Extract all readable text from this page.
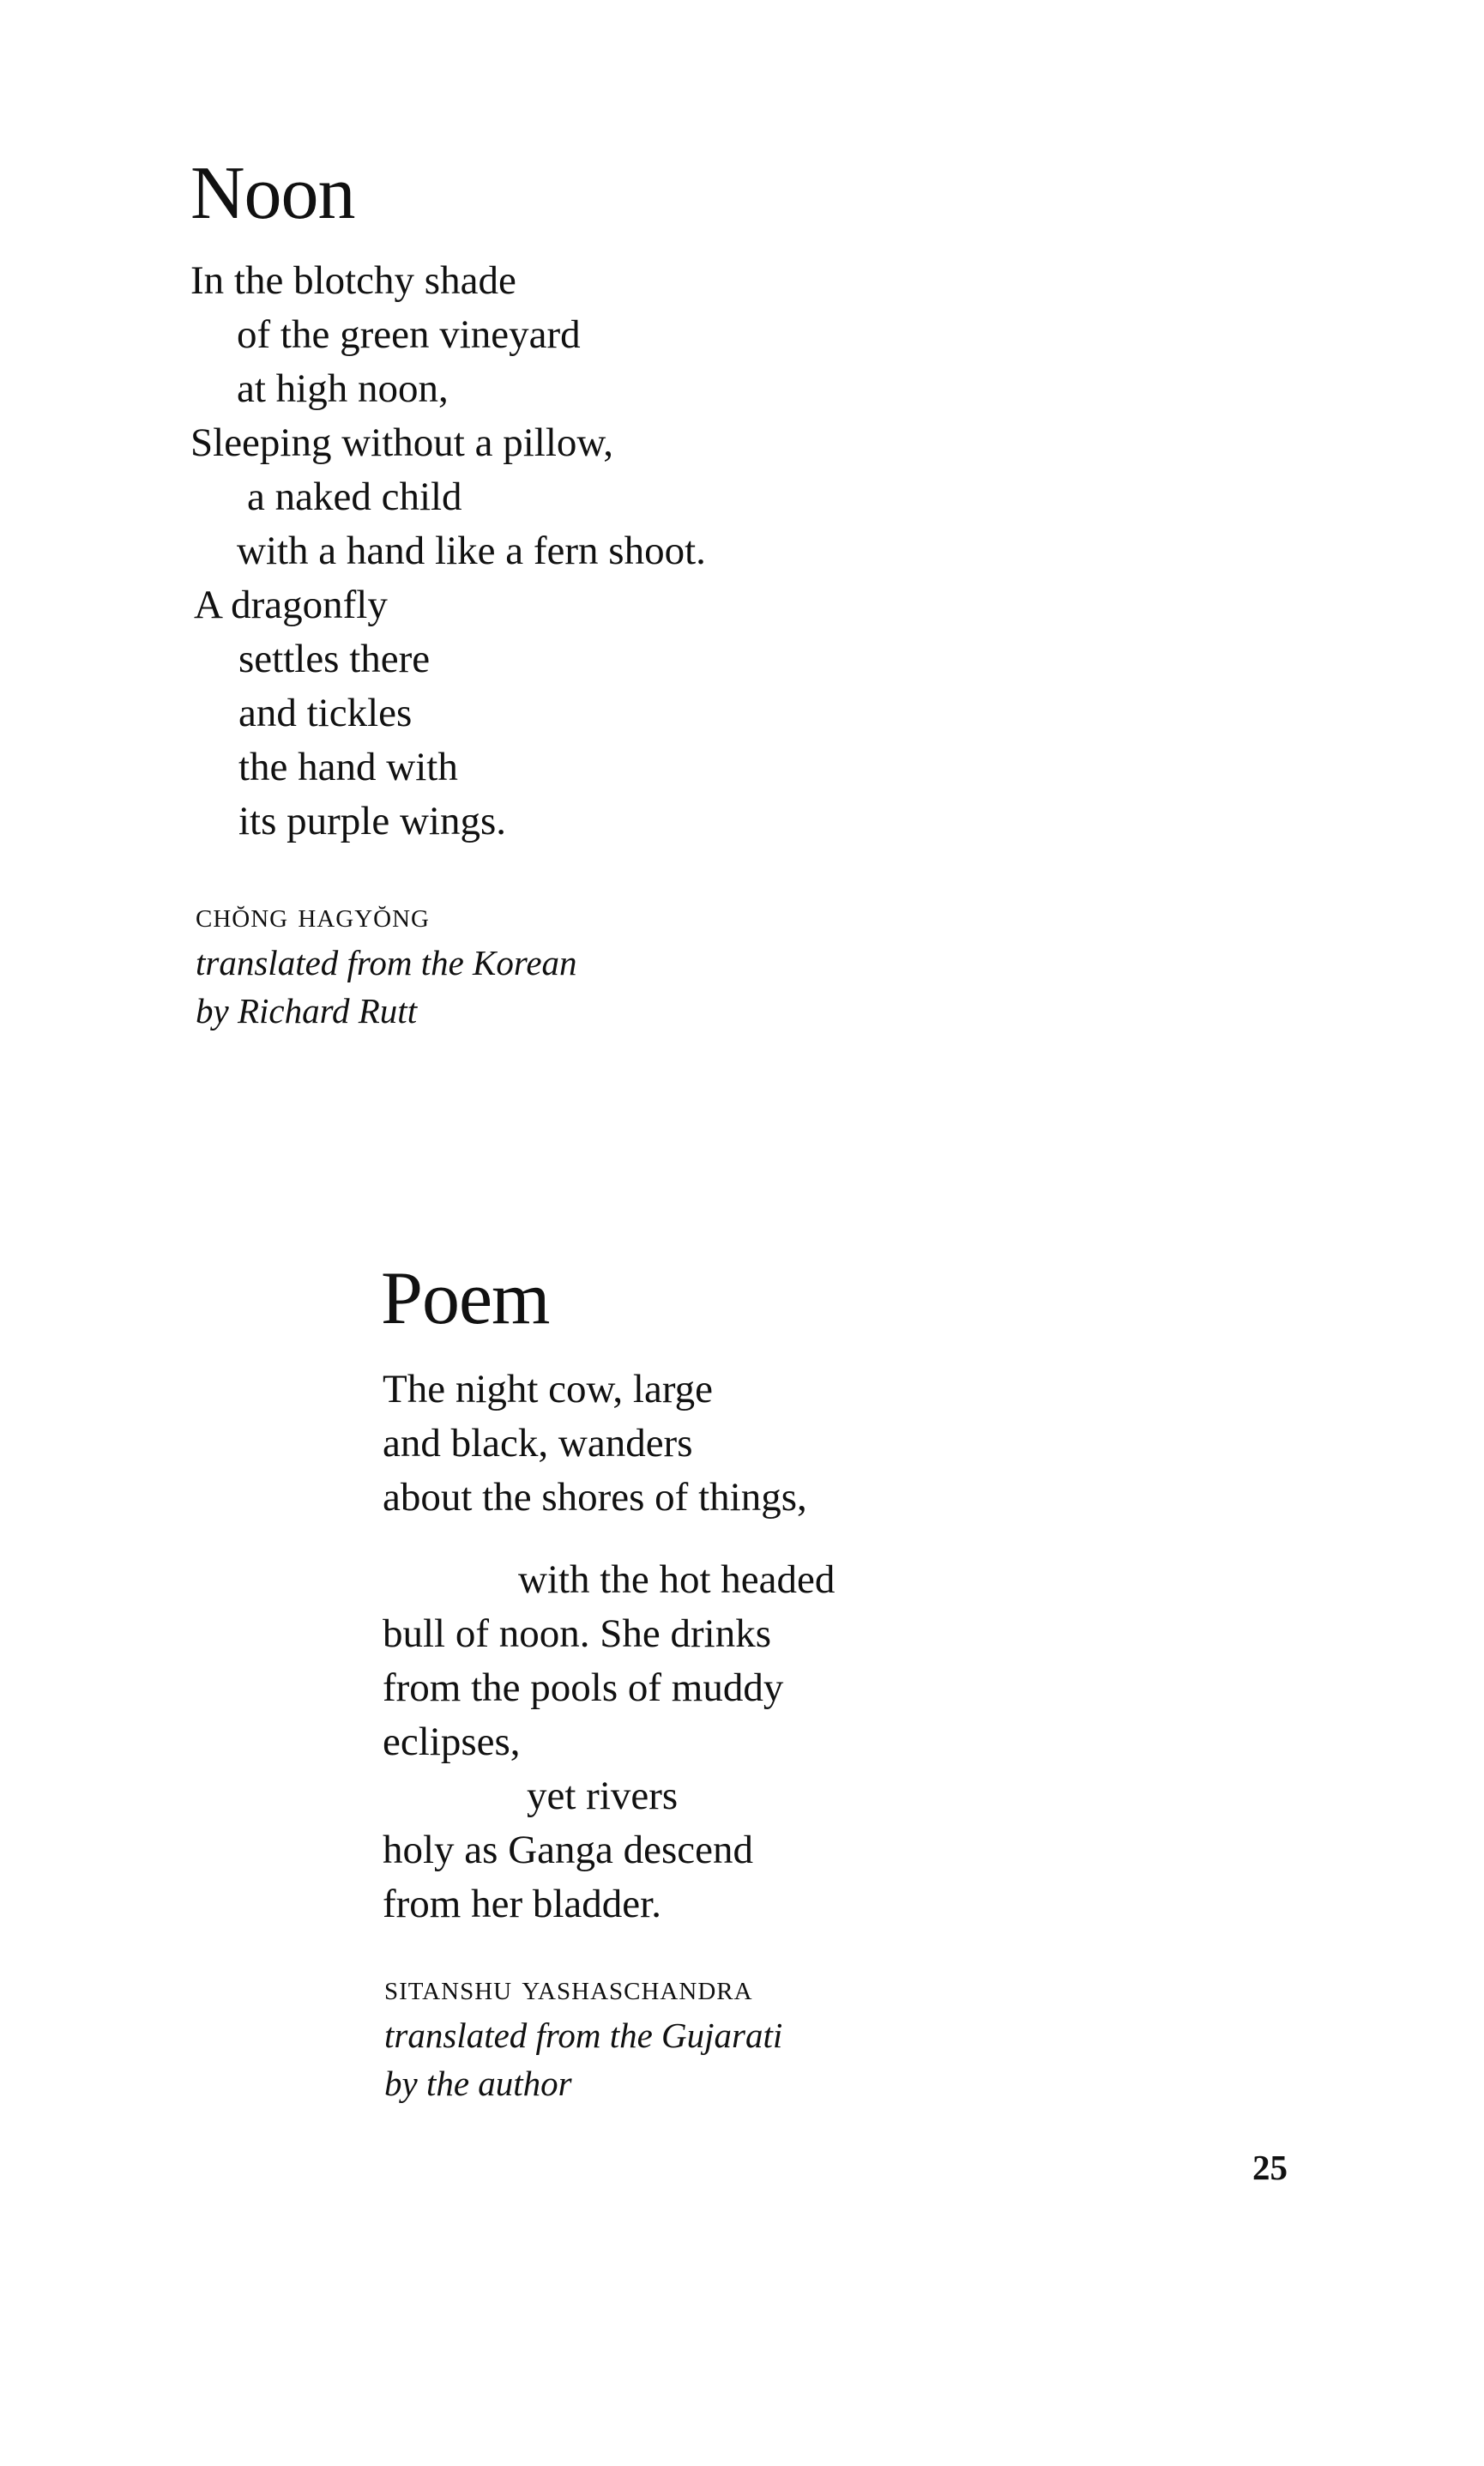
Noon
In the blotchy shade
of the green vineyard
at high noon,
Sleeping without a pillow,
a naked child
with a hand like a fern shoot.
A dragonfly
settles there
and tickles
the hand with
its purple wings.
chŏng hagyŏng
translated from the Korean
by Richard Rutt
Poem
The night cow, large
and black, wanders
about the shores of things,
with the hot headed
bull of noon. She drinks
from the pools of muddy
eclipses,
yet rivers
holy as Ganga descend
from her bladder.
sitanshu yashaschandra
translated from the Gujarati
by the author
25
